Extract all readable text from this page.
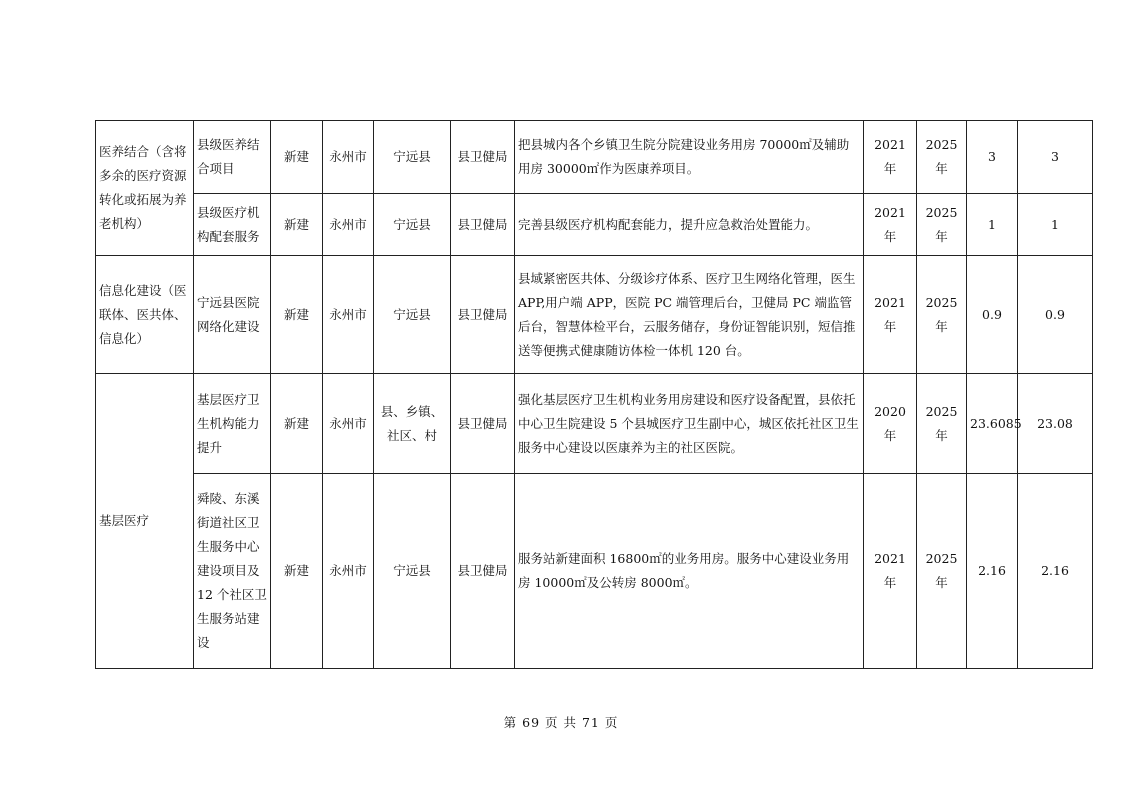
医养结合（含将多余的医疗资源转化或拓展为养老机构）	县级医养结合项目	新建	永州市	宁远县	县卫健局	把县城内各个乡镇卫生院分院建设业务用房 70000㎡及辅助用房 30000㎡作为医康养项目。	2021 年	2025 年	3	3
	县级医疗机构配套服务	新建	永州市	宁远县	县卫健局	完善县级医疗机构配套能力，提升应急救治处置能力。	2021 年	2025 年	1	1
信息化建设（医联体、医共体、信息化）	宁远县医院网络化建设	新建	永州市	宁远县	县卫健局	县域紧密医共体、分级诊疗体系、医疗卫生网络化管理，医生 APP,用户端 APP，医院 PC 端管理后台，卫健局 PC 端监管后台，智慧体检平台，云服务储存，身份证智能识别，短信推送等便携式健康随访体检一体机 120 台。	2021 年	2025 年	0.9	0.9
基层医疗	基层医疗卫生机构能力提升	新建	永州市	县、乡镇、社区、村	县卫健局	强化基层医疗卫生机构业务用房建设和医疗设备配置，县依托中心卫生院建设 5 个县城医疗卫生副中心，城区依托社区卫生服务中心建设以医康养为主的社区医院。	2020 年	2025 年	23.6085	23.08
	舜陵、东溪街道社区卫生服务中心建设项目及 12 个社区卫生服务站建设	新建	永州市	宁远县	县卫健局	服务站新建面积 16800㎡的业务用房。服务中心建设业务用房 10000㎡及公转房 8000㎡。	2021 年	2025 年	2.16	2.16
第 69 页 共 71 页
